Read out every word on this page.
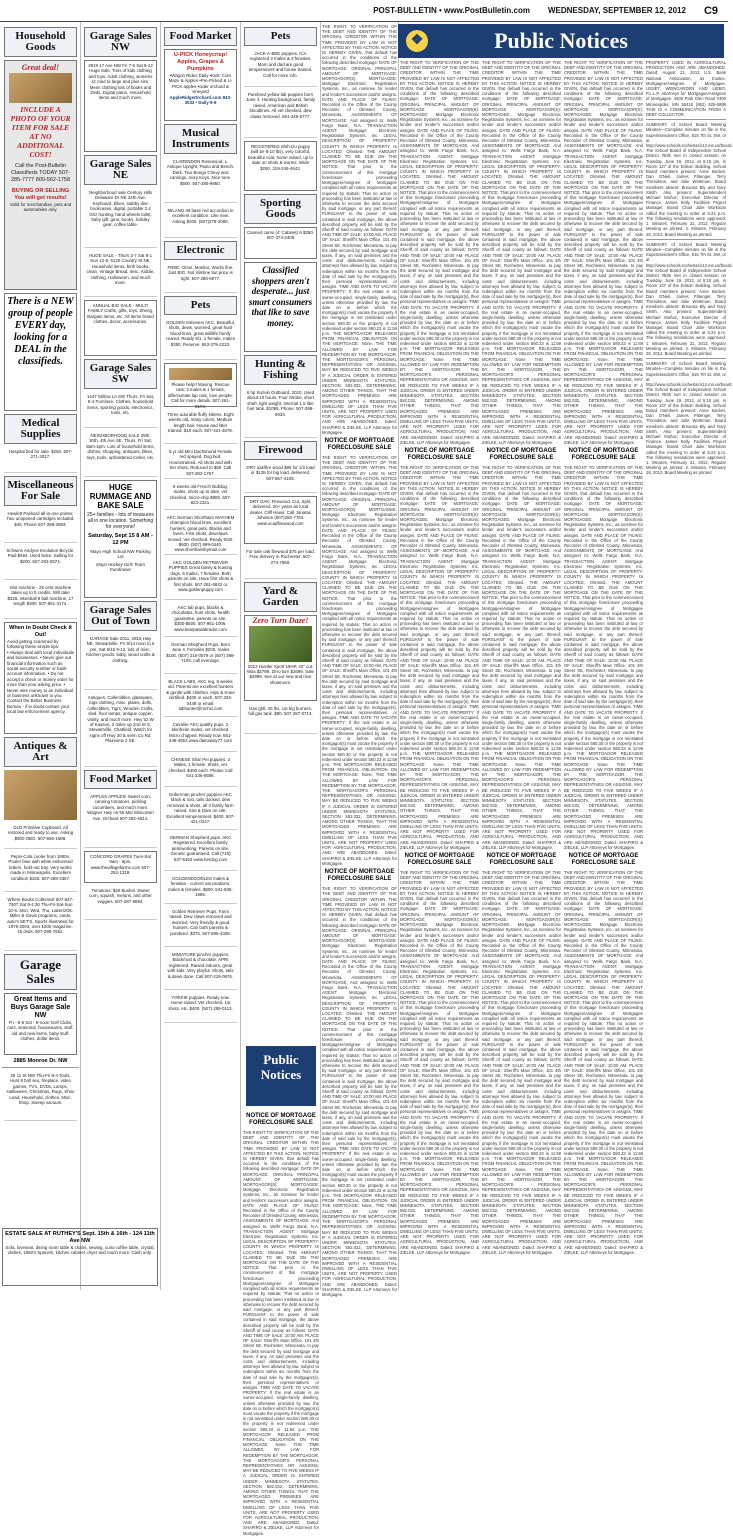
POST-BULLETIN • www.PostBulletin.com WEDNESDAY, SEPTEMBER 12, 2012 C9
Household Goods
Great deal!
INCLUDE A PHOTO OF YOUR ITEM FOR SALE AT NO ADDITIONAL COST!
Call the Post-Bulletin Classifieds TODAY 507-285-7777 800-562-1758
BUYING OR SELLING You will get results!
Valid for merchandise, pets and automobiles only.
There is a NEW group of people EVERY day, looking for a DEAL in the classifieds.
Medical Supplies
Hospital bed for sale. $250. 507-271-3017.
Miscellaneous For Sale
Hewlett Packard all-in-one printer. Two unopened cartridges included. $45. Phone 507-288-3693.
Schwinn Airdyne Evolution Bicycle. Paid $684. Used twice. Selling for $200. 507-282-0574.
Slot machine - 25 cent machine takes up to 5 credits. Will take $325. Skeeball 8 ball machine, 17 length $300. 507-951-4174.
When in Doubt Check it Out!
Avoid getting scammed by following these simple tips:
• Always deal with local individuals and businesses. • Never give out financial information such as social security number or bank account information. • Do not accept a check or money order for more than your asking price. • Never wire money to an individual or business unknown to you. Contact the Better Business Bureau - if in doubt contact your local law enforcement agency.
Antiques & Art
OLD Primitive Cupboard. All restored and ready to use. Asking $600 OBO. 507-696-1688.
Pepsi-Cola cooler from 1950s. Pooler blue with white embossed letters, hold-out tray. Very works made in Minneapolis. Excellent condition $325. 507-288-3367.
Where Books Collected! 507-947-7907 Sat 9-4:30 Thu-Fri-Sat-Sun 10-6. Mon, Wed, Thu, Lakers/Ok. Miller & Gavin programs, cards, auto's SET'S, Sports illustrated for 1975-2003, over 1200 magazine. 15 dvds. 507-288-7652.
Garage Sales
Great Items and Buys Garage Sale NW
Fri - 8-5 Sat - 8-noon Golf Clubs, cars, seasonal, housewares, stuff, old and new items, baby stuff, clothes, dollar items.
2885 Monroe Dr. NW
28 11 St NW Thu-Fri 8-4 Tools, Hunt 8 boll sex, fireplace, video games, TV's, DVDs, Lamps, Halloween, Christmas, Rugs, Shoe Lead, Household, clothes, Misc. Shop. Sweep vacuum.
Garage Sales NW
2919 17 Ave NW Fri 7-5 Sat 8-12 Huge Sale. Tons of kids clothing and toys. Adult clothing, womens sz med to large and plus size. Mens clothing lots of books and Dvds. Digital piano. Household items and much more.
Garage Sales NE
Neighborhood sale Century Hills Delaware Dr NE 24th Ave. Keyboard, bikes, stabby disc bookcases, digital, portable 2.4 Ghz hunting, hand wheels toilet, baby gift. gear, books, holiday gear, coffee table.
HUGE SALE - Thurs 3-7 Sat 8-1 Sun 12-6. 5120 Country St NE. Household items, birth books, clean. Vintage Bread, misc. Kiddie, clothing, Halloween, and much more.
ANNUAL BIG SALE - MULTI FAMILY Crafts, gifts, toys, Zheng, Bargain items, etc. All items brand clothes, decor, accessories.
Garage Sales SW
1447 Willow Ln SW Thurs, Fri Sat, 8-4 Furniture, Clothes, household items, sporting goods, electronics, tools, etc.
NEIGHBORHOOD SALE 29th, 30th, 4th Ave SE. Thurs. Fri Sat, 8am-4pm. Lots of household items, dishes, shopping, antiques, bikes, toys, tools, upholstered rocker, etc.
HUGE RUMMAGE AND BAKE SALE
25+ families - lots of treasures all in one location. Something for everyone!
Saturday, Sept 15 8 AM - 12 PM
Mayo High School NW Parking Lot
Mayo Hockey Girls Team Fundraiser
Garage Sales Out of Town
GARAGE Sale 2011, 2815 Hwy NE, Stewartville. Fri 9/14 noon to 6 pm, Sat 9/15 9-12. lots of misc. Kitchen goods, baby, wood crafts & clothing.
Antiques, Collectibles, glassware, rugs clothing, misc. plates, dolls, collectibles, Tigrs, Wooden Crafts, sled, floor lamps, antique copper, vanity, and much more. Hwy 52 W of Kasson, 2 miles up 2nd St S, Stewartville, Chatfield, Watch for signs off Hwy 30 & seen Co Rd. Plainview 2 SE.
Food Market
APPLES APPLES! Sweet corn, canning tomatoes, pickling cucumbers, and much more. Wagner Hwy on 55 Mid Wisconsin Ave. Orchard 507-282-4544.
CONCORD GRAPES Tues-Sat 9am - 6pm. www.thevillagefarms.com 507-252-1319.
Tomatoes: $20 Bushel. Sweet corn, squash, melons, and other veggies. 507-287-8893.
ESTATE SALE AT RUTHEY'S Sept. 15th & 16th - 124 11th Ave NW
Sofa, loveseat, dining room table & chairs, sewing, curio coffee table, crystal, dishes, 1950's Spanish, kitchen cabinet, dryer and much more. Cash only.
Food Market
U-PICK Honeycrisp! Apples, Grapes & Pumpkins
•Wagon Rides Daily •Kids' Corn Maze & Apples •Pre-Picked & U-PICK apples •cider orchard & vineyard
AppleRidgeOrchard.com 843-3033 • Daily 9-6
Musical Instruments
CLARENDON Rosewood, L. Antique Upright, Piano and Bench. Dark. Two Bongo Chevy and carvings. Ivory Keys. Nice tone. $500. 507-285-9950.
MILAND 48 base red accordion in excellent condition. Like new. Asking $200. (507)278-2080.
Electronic
FREE: Orion, Monitor, Works fine. Just BIG. Not slimline but price is right. 507-288-9077.
Pets
GOLDEN retrievers AKC. Beautiful, shots, dews, wormed, great hunt blood lines, great wildlife family reared. Ready 9/1. 1 female, males $350. Reserve. 563-379-2233.
Please help!! Moving. Rescue cats: 3 males & 1 female, affectionate lap cats, love people. Call for more details. 507-261-6174.
Three adorable fluffy kittens. Eight weeks old, many colors. Medium length hair. House and litter trained. $10 each. 507-421-4878.
5 yr old Mini Dachshund Female red spayed. Dog bed. Housetrained. All shots and with her shots, Reduced to $50. Call 507-282-1767.
9 weeks old French Bulldog, males, shots up to date, vet checked, micro-chip $800. 507-823-2321.
AKC German Shorthairs MAYHEM champion blood lines, excellent hunters, great pets. Blacks and livers. First shots, dewclaws moved. Vet checked. Ready 9/30. $600. (507) 699-0440. www.shorthairsbymail.com
AKC GOLDEN RETRIEVER PUPPIES Great family & hunting dogs. 5 males, 7 females. Both parents on site. Have first shots & first shots. 507-251-6842 or www.goldenpuppy.com
AKC lab pups, blacks & chocolates, hunt shots, health guarantee, parents on site, $300-$500. 507-951-1006. www.bearpawlabrador.com
German Shepherd Pups. Born June 4. Females $200, males $100. (507) 216-0579 or (507) 399-7193. call evenings.
BLACK LABS, AKC reg, 9 weeks old. Parents are excellent hunters & gentle with children. Hips & Knee certified. $400 or each. 507-332-0449 or email: labhunter@mchsi.com
Cavalier AKC quality pups. 2 blenheim males, vet checked. Micro chipped. Ready now. 651-448-4553 www.dainsway77.com
CHINESE Shar Pei puppies. 2 Males, 1 female. Shots, vet checked. $400 each. Please Call 641-236-6586.
Doberman pincher puppies AKC black & rust, tails docked, dew removed & shots, all 3 family farm raised. Sire & Dam on site. Excellent temperament. $400. 507-421-0247.
GERMAN Shepherd pups. AKC Registered. Excellent family pets/working. Parents on site. Genetic guaranteed. Call (715) 537-5453 www.herdog.com
GOLDENDOODLES males & females - current vaccinations, males & females. $500. 641-836-1986.
Golden Retriever Pups. Farm raised. Dew claws removed and wormed. Very friendly & good hunters. Can both parents & purebred. $375. 507-696-4308.
MINIATURE pincher puppies. Black/rust & chocolate. APRI registered. Raised indoors, great with kids. Very playful. Shots, tails & dews done. Call 507-219-0976.
YORKIE puppies. Ready now. Home-raised. Vet checked, 1st shots, etc. $400. (507) 289-0113.
Pets
JACK-A-BEE puppies. ICA registered 3 males & 3 females. Mom and dad are good temperament and house trained. Call for more info.
Purebred yellow lab puppies born June 4. Hunting background, family raised. American and British bloodlines. All vet checked. dew claws removed. 651-345-5777.
REGISTERED Shih-tzu puppy (will be 8-10 lbs), very colorful, beautiful coat, home raised, up to date on shots & worms. Wide $250. 319-249-4643.
Sporting Goods
Canned camo (4' Cabinet) 6 $250. 507-374-2406
Classified shoppers aren't desperate... just smart consumers that like to save money.
Hunting & Fishing
6 hp Suzuki Outboard. 2010. Used about 10 hours. Four Stroke, short shaft, light weight. Internal 1.5 liter fuel tank. $1095. Phone: 507-398-9034.
Firewood
DRY oak/fire wood $85 for 1/2 load or $135 for big load, delivered. 507-867-4109.
DRY OAK: Firewood. Cut, Split, delivered. 20+ years as local dealer. Cliff Hasel. Call Jonatas Johnson (507)282-7763. www.ocadfirewood.com
For sale oak firewood $75 per load. Free delivery in Rochester. 507-273-7960.
Yard & Garden
Zero Turn Daze!
2012 Hustler Sport 19HP, 42" cut. Was $2799. Zero turn $2699. Sale $2999. See at our new and nice showroom.
Gas grill, 40 lbs, cut big burners, full gas tank. $80. 507-287-0713.
Public Notices
NOTICE OF MORTGAGE FORECLOSURE SALE
THE RIGHT TO VERIFICATION OF THE DEBT AND IDENTITY OF THE ORIGINAL CREDITOR WITHIN THE TIME PROVIDED BY LAW IS NOT AFFECTED BY THIS ACTION. NOTICE IS HEREBY GIVEN, that default has occurred in the conditions of the following described mortgage: DATE OF MORTGAGE: ORIGINAL PRINCIPAL AMOUNT OF MORTGAGE: MORTGAGOR(S): MORTGAGEE: Mortgage Electronic Registration Systems, Inc., as nominee for lender and lender's successors and/or assigns. DATE AND PLACE OF FILING: Recorded in the Office of the County Recorder of Olmsted County, Minnesota. ASSIGNMENTS OF MORTGAGE: And assigned to: Wells Fargo Bank, N.A. TRANSACTION AGENT: Mortgage Electronic Registration Systems, Inc. LEGAL DESCRIPTION OF PROPERTY: COUNTY IN WHICH PROPERTY IS LOCATED: Olmsted. THE AMOUNT CLAIMED TO BE DUE ON THE MORTGAGE ON THE DATE OF THE NOTICE. That prior to the commencement of this mortgage foreclosure proceeding Mortgagee/Assignee of Mortgagee complied with all notice requirements as required by statute; That no action or proceeding has been instituted at law or otherwise to recover the debt secured by said mortgage, or any part thereof; PURSUANT to the power of sale contained in said mortgage, the above described property will be sold by the Sheriff of said county as follows: DATE AND TIME OF SALE: 10:00 AM. PLACE OF SALE: Sheriff's Main Office, 101 4th Street SE, Rochester, Minnesota. to pay the debt secured by said mortgage and taxes, if any, on said premises and the costs and disbursements, including attorneys fees allowed by law, subject to redemption within six months from the date of said sale by the mortgagor(s), their personal representatives or assigns. TIME AND DATE TO VACATE PROPERTY: If the real estate is an owner-occupied, single-family dwelling, unless otherwise provided by law, the date on or before which the mortgagor(s) must vacate the property if the mortgage is not reinstated under section 580.30 or the property is not redeemed under section 580.23 is 11:59 p.m. THE MORTGAGOR RELEASED FROM FINANCIAL OBLIGATION ON THE MORTGAGE: None. THE TIME ALLOWED BY LAW FOR REDEMPTION BY THE MORTGAGOR, THE MORTGAGOR'S PERSONAL REPRESENTATIVES OR ASSIGNS, MAY BE REDUCED TO FIVE WEEKS IF A JUDICIAL ORDER IS ENTERED UNDER MINNESOTA STATUTES, SECTION 582.032, DETERMINING, AMONG OTHER THINGS, THAT THE MORTGAGED PREMISES ARE IMPROVED WITH A RESIDENTIAL DWELLING OF LESS THAN FIVE UNITS, ARE NOT PROPERTY USED FOR AGRICULTURAL PRODUCTION, AND ARE ABANDONED. Dated: SHAPIRO & ZIELKE, LLP Attorneys for Mortgagee.
❖	Public Notices
THE RIGHT TO VERIFICATION OF THE DEBT AND IDENTITY OF THE ORIGINAL CREDITOR WITHIN THE TIME PROVIDED BY LAW IS NOT AFFECTED BY THIS ACTION. NOTICE IS HEREBY GIVEN, that default has occurred in the conditions of the following described mortgage: DATE OF MORTGAGE: ORIGINAL PRINCIPAL AMOUNT OF MORTGAGE: MORTGAGOR(S): MORTGAGEE: Mortgage Electronic Registration Systems, Inc., as nominee for lender and lender's successors and/or assigns. DATE AND PLACE OF FILING: Recorded in the Office of the County Recorder of Olmsted County, Minnesota. ASSIGNMENTS OF MORTGAGE: And assigned to: Wells Fargo Bank, N.A. TRANSACTION AGENT: Mortgage Electronic Registration Systems, Inc. LEGAL DESCRIPTION OF PROPERTY: COUNTY IN WHICH PROPERTY IS LOCATED: Olmsted. THE AMOUNT CLAIMED TO BE DUE ON THE MORTGAGE ON THE DATE OF THE NOTICE. That prior to the commencement of this mortgage foreclosure proceeding Mortgagee/Assignee of Mortgagee complied with all notice requirements as required by statute; That no action or proceeding has been instituted at law or otherwise to recover the debt secured by said mortgage, or any part thereof; PURSUANT to the power of sale contained in said mortgage, the above described property will be sold by the Sheriff of said county as follows: DATE AND TIME OF SALE: 10:00 AM. PLACE OF SALE: Sheriff's Main Office, 101 4th Street SE, Rochester, Minnesota. to pay the debt secured by said mortgage and taxes, if any, on said premises and the costs and disbursements, including attorneys fees allowed by law, subject to redemption within six months from the date of said sale by the mortgagor(s), their personal representatives or assigns. TIME AND DATE TO VACATE PROPERTY: If the real estate is an owner-occupied, single-family dwelling, unless otherwise provided by law, the date on or before which the mortgagor(s) must vacate the property if the mortgage is not reinstated under section 580.30 or the property is not redeemed under section 580.23 is 11:59 p.m. THE MORTGAGOR RELEASED FROM FINANCIAL OBLIGATION ON THE MORTGAGE: None. THE TIME ALLOWED BY LAW FOR REDEMPTION BY THE MORTGAGOR, THE MORTGAGOR'S PERSONAL REPRESENTATIVES OR ASSIGNS, MAY BE REDUCED TO FIVE WEEKS IF A JUDICIAL ORDER IS ENTERED UNDER MINNESOTA STATUTES, SECTION 582.032, DETERMINING, AMONG OTHER THINGS, THAT THE MORTGAGED PREMISES ARE IMPROVED WITH A RESIDENTIAL DWELLING OF LESS THAN FIVE UNITS, ARE NOT PROPERTY USED FOR AGRICULTURAL PRODUCTION, AND ARE ABANDONED. Dated: SHAPIRO & ZIELKE, LLP Attorneys for Mortgagee.
NOTICE OF MORTGAGE FORECLOSURE SALE
THE RIGHT TO VERIFICATION OF THE DEBT AND IDENTITY OF THE ORIGINAL CREDITOR WITHIN THE TIME PROVIDED BY LAW IS NOT AFFECTED BY THIS ACTION. NOTICE IS HEREBY GIVEN, that default has occurred in the conditions of the following described mortgage: DATE OF MORTGAGE: ORIGINAL PRINCIPAL AMOUNT OF MORTGAGE: MORTGAGOR(S): MORTGAGEE: Mortgage Electronic Registration Systems, Inc., as nominee for lender and lender's successors and/or assigns. DATE AND PLACE OF FILING: Recorded in the Office of the County Recorder of Olmsted County, Minnesota. ASSIGNMENTS OF MORTGAGE: And assigned to: Wells Fargo Bank, N.A. TRANSACTION AGENT: Mortgage Electronic Registration Systems, Inc. LEGAL DESCRIPTION OF PROPERTY: COUNTY IN WHICH PROPERTY IS LOCATED: Olmsted. THE AMOUNT CLAIMED TO BE DUE ON THE MORTGAGE ON THE DATE OF THE NOTICE. That prior to the commencement of this mortgage foreclosure proceeding Mortgagee/Assignee of Mortgagee complied with all notice requirements as required by statute; That no action or proceeding has been instituted at law or otherwise to recover the debt secured by said mortgage, or any part thereof; PURSUANT to the power of sale contained in said mortgage, the above described property will be sold by the Sheriff of said county as follows: DATE AND TIME OF SALE: 10:00 AM. PLACE OF SALE: Sheriff's Main Office, 101 4th Street SE, Rochester, Minnesota. to pay the debt secured by said mortgage and taxes, if any, on said premises and the costs and disbursements, including attorneys fees allowed by law, subject to redemption within six months from the date of said sale by the mortgagor(s), their personal representatives or assigns. TIME AND DATE TO VACATE PROPERTY: If the real estate is an owner-occupied, single-family dwelling, unless otherwise provided by law, the date on or before which the mortgagor(s) must vacate the property if the mortgage is not reinstated under section 580.30 or the property is not redeemed under section 580.23 is 11:59 p.m. THE MORTGAGOR RELEASED FROM FINANCIAL OBLIGATION ON THE MORTGAGE: None. THE TIME ALLOWED BY LAW FOR REDEMPTION BY THE MORTGAGOR, THE MORTGAGOR'S PERSONAL REPRESENTATIVES OR ASSIGNS, MAY BE REDUCED TO FIVE WEEKS IF A JUDICIAL ORDER IS ENTERED UNDER MINNESOTA STATUTES, SECTION 582.032, DETERMINING, AMONG OTHER THINGS, THAT THE MORTGAGED PREMISES ARE IMPROVED WITH A RESIDENTIAL DWELLING OF LESS THAN FIVE UNITS, ARE NOT PROPERTY USED FOR AGRICULTURAL PRODUCTION, AND ARE ABANDONED. Dated: SHAPIRO & ZIELKE, LLP Attorneys for Mortgagee.
NOTICE OF MORTGAGE FORECLOSURE SALE
THE RIGHT TO VERIFICATION OF THE DEBT AND IDENTITY OF THE ORIGINAL CREDITOR WITHIN THE TIME PROVIDED BY LAW IS NOT AFFECTED BY THIS ACTION. NOTICE IS HEREBY GIVEN, that default has occurred in the conditions of the following described mortgage: DATE OF MORTGAGE: ORIGINAL PRINCIPAL AMOUNT OF MORTGAGE: MORTGAGOR(S): MORTGAGEE: Mortgage Electronic Registration Systems, Inc., as nominee for lender and lender's successors and/or assigns. DATE AND PLACE OF FILING: Recorded in the Office of the County Recorder of Olmsted County, Minnesota. ASSIGNMENTS OF MORTGAGE: And assigned to: Wells Fargo Bank, N.A. TRANSACTION AGENT: Mortgage Electronic Registration Systems, Inc. LEGAL DESCRIPTION OF PROPERTY: COUNTY IN WHICH PROPERTY IS LOCATED: Olmsted. THE AMOUNT CLAIMED TO BE DUE ON THE MORTGAGE ON THE DATE OF THE NOTICE. That prior to the commencement of this mortgage foreclosure proceeding Mortgagee/Assignee of Mortgagee complied with all notice requirements as required by statute; That no action or proceeding has been instituted at law or otherwise to recover the debt secured by said mortgage, or any part thereof; PURSUANT to the power of sale contained in said mortgage, the above described property will be sold by the Sheriff of said county as follows: DATE AND TIME OF SALE: 10:00 AM. PLACE OF SALE: Sheriff's Main Office, 101 4th Street SE, Rochester, Minnesota. to pay the debt secured by said mortgage and taxes, if any, on said premises and the costs and disbursements, including attorneys fees allowed by law, subject to redemption within six months from the date of said sale by the mortgagor(s), their personal representatives or assigns. TIME AND DATE TO VACATE PROPERTY: If the real estate is an owner-occupied, single-family dwelling, unless otherwise provided by law, the date on or before which the mortgagor(s) must vacate the property if the mortgage is not reinstated under section 580.30 or the property is not redeemed under section 580.23 is 11:59 p.m. THE MORTGAGOR RELEASED FROM FINANCIAL OBLIGATION ON THE MORTGAGE: None. THE TIME ALLOWED BY LAW FOR REDEMPTION BY THE MORTGAGOR, THE MORTGAGOR'S PERSONAL REPRESENTATIVES OR ASSIGNS, MAY BE REDUCED TO FIVE WEEKS IF A JUDICIAL ORDER IS ENTERED UNDER MINNESOTA STATUTES, SECTION 582.032, DETERMINING, AMONG OTHER THINGS, THAT THE MORTGAGED PREMISES ARE IMPROVED WITH A RESIDENTIAL DWELLING OF LESS THAN FIVE UNITS, ARE NOT PROPERTY USED FOR AGRICULTURAL PRODUCTION, AND ARE ABANDONED. Dated: SHAPIRO & ZIELKE, LLP Attorneys for Mortgagee.
THE RIGHT TO VERIFICATION OF THE DEBT AND IDENTITY OF THE ORIGINAL CREDITOR WITHIN THE TIME PROVIDED BY LAW IS NOT AFFECTED BY THIS ACTION. NOTICE IS HEREBY GIVEN, that default has occurred in the conditions of the following described mortgage: DATE OF MORTGAGE: ORIGINAL PRINCIPAL AMOUNT OF MORTGAGE: MORTGAGOR(S): MORTGAGEE: Mortgage Electronic Registration Systems, Inc., as nominee for lender and lender's successors and/or assigns. DATE AND PLACE OF FILING: Recorded in the Office of the County Recorder of Olmsted County, Minnesota. ASSIGNMENTS OF MORTGAGE: And assigned to: Wells Fargo Bank, N.A. TRANSACTION AGENT: Mortgage Electronic Registration Systems, Inc. LEGAL DESCRIPTION OF PROPERTY: COUNTY IN WHICH PROPERTY IS LOCATED: Olmsted. THE AMOUNT CLAIMED TO BE DUE ON THE MORTGAGE ON THE DATE OF THE NOTICE. That prior to the commencement of this mortgage foreclosure proceeding Mortgagee/Assignee of Mortgagee complied with all notice requirements as required by statute; That no action or proceeding has been instituted at law or otherwise to recover the debt secured by said mortgage, or any part thereof; PURSUANT to the power of sale contained in said mortgage, the above described property will be sold by the Sheriff of said county as follows: DATE AND TIME OF SALE: 10:00 AM. PLACE OF SALE: Sheriff's Main Office, 101 4th Street SE, Rochester, Minnesota. to pay the debt secured by said mortgage and taxes, if any, on said premises and the costs and disbursements, including attorneys fees allowed by law, subject to redemption within six months from the date of said sale by the mortgagor(s), their personal representatives or assigns. TIME AND DATE TO VACATE PROPERTY: If the real estate is an owner-occupied, single-family dwelling, unless otherwise provided by law, the date on or before which the mortgagor(s) must vacate the property if the mortgage is not reinstated under section 580.30 or the property is not redeemed under section 580.23 is 11:59 p.m. THE MORTGAGOR RELEASED FROM FINANCIAL OBLIGATION ON THE MORTGAGE: None. THE TIME ALLOWED BY LAW FOR REDEMPTION BY THE MORTGAGOR, THE MORTGAGOR'S PERSONAL REPRESENTATIVES OR ASSIGNS, MAY BE REDUCED TO FIVE WEEKS IF A JUDICIAL ORDER IS ENTERED UNDER MINNESOTA STATUTES, SECTION 582.032, DETERMINING, AMONG OTHER THINGS, THAT THE MORTGAGED PREMISES ARE IMPROVED WITH A RESIDENTIAL DWELLING OF LESS THAN FIVE UNITS, ARE NOT PROPERTY USED FOR AGRICULTURAL PRODUCTION, AND ARE ABANDONED. Dated: SHAPIRO & ZIELKE, LLP Attorneys for Mortgagee.
NOTICE OF MORTGAGE FORECLOSURE SALE
THE RIGHT TO VERIFICATION OF THE DEBT AND IDENTITY OF THE ORIGINAL CREDITOR WITHIN THE TIME PROVIDED BY LAW IS NOT AFFECTED BY THIS ACTION. NOTICE IS HEREBY GIVEN, that default has occurred in the conditions of the following described mortgage: DATE OF MORTGAGE: ORIGINAL PRINCIPAL AMOUNT OF MORTGAGE: MORTGAGOR(S): MORTGAGEE: Mortgage Electronic Registration Systems, Inc., as nominee for lender and lender's successors and/or assigns. DATE AND PLACE OF FILING: Recorded in the Office of the County Recorder of Olmsted County, Minnesota. ASSIGNMENTS OF MORTGAGE: And assigned to: Wells Fargo Bank, N.A. TRANSACTION AGENT: Mortgage Electronic Registration Systems, Inc. LEGAL DESCRIPTION OF PROPERTY: COUNTY IN WHICH PROPERTY IS LOCATED: Olmsted. THE AMOUNT CLAIMED TO BE DUE ON THE MORTGAGE ON THE DATE OF THE NOTICE. That prior to the commencement of this mortgage foreclosure proceeding Mortgagee/Assignee of Mortgagee complied with all notice requirements as required by statute; That no action or proceeding has been instituted at law or otherwise to recover the debt secured by said mortgage, or any part thereof; PURSUANT to the power of sale contained in said mortgage, the above described property will be sold by the Sheriff of said county as follows: DATE AND TIME OF SALE: 10:00 AM. PLACE OF SALE: Sheriff's Main Office, 101 4th Street SE, Rochester, Minnesota. to pay the debt secured by said mortgage and taxes, if any, on said premises and the costs and disbursements, including attorneys fees allowed by law, subject to redemption within six months from the date of said sale by the mortgagor(s), their personal representatives or assigns. TIME AND DATE TO VACATE PROPERTY: If the real estate is an owner-occupied, single-family dwelling, unless otherwise provided by law, the date on or before which the mortgagor(s) must vacate the property if the mortgage is not reinstated under section 580.30 or the property is not redeemed under section 580.23 is 11:59 p.m. THE MORTGAGOR RELEASED FROM FINANCIAL OBLIGATION ON THE MORTGAGE: None. THE TIME ALLOWED BY LAW FOR REDEMPTION BY THE MORTGAGOR, THE MORTGAGOR'S PERSONAL REPRESENTATIVES OR ASSIGNS, MAY BE REDUCED TO FIVE WEEKS IF A JUDICIAL ORDER IS ENTERED UNDER MINNESOTA STATUTES, SECTION 582.032, DETERMINING, AMONG OTHER THINGS, THAT THE MORTGAGED PREMISES ARE IMPROVED WITH A RESIDENTIAL DWELLING OF LESS THAN FIVE UNITS, ARE NOT PROPERTY USED FOR AGRICULTURAL PRODUCTION, AND ARE ABANDONED. Dated: SHAPIRO & ZIELKE, LLP Attorneys for Mortgagee.
NOTICE OF MORTGAGE FORECLOSURE SALE
THE RIGHT TO VERIFICATION OF THE DEBT AND IDENTITY OF THE ORIGINAL CREDITOR WITHIN THE TIME PROVIDED BY LAW IS NOT AFFECTED BY THIS ACTION. NOTICE IS HEREBY GIVEN, that default has occurred in the conditions of the following described mortgage: DATE OF MORTGAGE: ORIGINAL PRINCIPAL AMOUNT OF MORTGAGE: MORTGAGOR(S): MORTGAGEE: Mortgage Electronic Registration Systems, Inc., as nominee for lender and lender's successors and/or assigns. DATE AND PLACE OF FILING: Recorded in the Office of the County Recorder of Olmsted County, Minnesota. ASSIGNMENTS OF MORTGAGE: And assigned to: Wells Fargo Bank, N.A. TRANSACTION AGENT: Mortgage Electronic Registration Systems, Inc. LEGAL DESCRIPTION OF PROPERTY: COUNTY IN WHICH PROPERTY IS LOCATED: Olmsted. THE AMOUNT CLAIMED TO BE DUE ON THE MORTGAGE ON THE DATE OF THE NOTICE. That prior to the commencement of this mortgage foreclosure proceeding Mortgagee/Assignee of Mortgagee complied with all notice requirements as required by statute; That no action or proceeding has been instituted at law or otherwise to recover the debt secured by said mortgage, or any part thereof; PURSUANT to the power of sale contained in said mortgage, the above described property will be sold by the Sheriff of said county as follows: DATE AND TIME OF SALE: 10:00 AM. PLACE OF SALE: Sheriff's Main Office, 101 4th Street SE, Rochester, Minnesota. to pay the debt secured by said mortgage and taxes, if any, on said premises and the costs and disbursements, including attorneys fees allowed by law, subject to redemption within six months from the date of said sale by the mortgagor(s), their personal representatives or assigns. TIME AND DATE TO VACATE PROPERTY: If the real estate is an owner-occupied, single-family dwelling, unless otherwise provided by law, the date on or before which the mortgagor(s) must vacate the property if the mortgage is not reinstated under section 580.30 or the property is not redeemed under section 580.23 is 11:59 p.m. THE MORTGAGOR RELEASED FROM FINANCIAL OBLIGATION ON THE MORTGAGE: None. THE TIME ALLOWED BY LAW FOR REDEMPTION BY THE MORTGAGOR, THE MORTGAGOR'S PERSONAL REPRESENTATIVES OR ASSIGNS, MAY BE REDUCED TO FIVE WEEKS IF A JUDICIAL ORDER IS ENTERED UNDER MINNESOTA STATUTES, SECTION 582.032, DETERMINING, AMONG OTHER THINGS, THAT THE MORTGAGED PREMISES ARE IMPROVED WITH A RESIDENTIAL DWELLING OF LESS THAN FIVE UNITS, ARE NOT PROPERTY USED FOR AGRICULTURAL PRODUCTION, AND ARE ABANDONED. Dated: SHAPIRO & ZIELKE, LLP Attorneys for Mortgagee.
THE RIGHT TO VERIFICATION OF THE DEBT AND IDENTITY OF THE ORIGINAL CREDITOR WITHIN THE TIME PROVIDED BY LAW IS NOT AFFECTED BY THIS ACTION. NOTICE IS HEREBY GIVEN, that default has occurred in the conditions of the following described mortgage: DATE OF MORTGAGE: ORIGINAL PRINCIPAL AMOUNT OF MORTGAGE: MORTGAGOR(S): MORTGAGEE: Mortgage Electronic Registration Systems, Inc., as nominee for lender and lender's successors and/or assigns. DATE AND PLACE OF FILING: Recorded in the Office of the County Recorder of Olmsted County, Minnesota. ASSIGNMENTS OF MORTGAGE: And assigned to: Wells Fargo Bank, N.A. TRANSACTION AGENT: Mortgage Electronic Registration Systems, Inc. LEGAL DESCRIPTION OF PROPERTY: COUNTY IN WHICH PROPERTY IS LOCATED: Olmsted. THE AMOUNT CLAIMED TO BE DUE ON THE MORTGAGE ON THE DATE OF THE NOTICE. That prior to the commencement of this mortgage foreclosure proceeding Mortgagee/Assignee of Mortgagee complied with all notice requirements as required by statute; That no action or proceeding has been instituted at law or otherwise to recover the debt secured by said mortgage, or any part thereof; PURSUANT to the power of sale contained in said mortgage, the above described property will be sold by the Sheriff of said county as follows: DATE AND TIME OF SALE: 10:00 AM. PLACE OF SALE: Sheriff's Main Office, 101 4th Street SE, Rochester, Minnesota. to pay the debt secured by said mortgage and taxes, if any, on said premises and the costs and disbursements, including attorneys fees allowed by law, subject to redemption within six months from the date of said sale by the mortgagor(s), their personal representatives or assigns. TIME AND DATE TO VACATE PROPERTY: If the real estate is an owner-occupied, single-family dwelling, unless otherwise provided by law, the date on or before which the mortgagor(s) must vacate the property if the mortgage is not reinstated under section 580.30 or the property is not redeemed under section 580.23 is 11:59 p.m. THE MORTGAGOR RELEASED FROM FINANCIAL OBLIGATION ON THE MORTGAGE: None. THE TIME ALLOWED BY LAW FOR REDEMPTION BY THE MORTGAGOR, THE MORTGAGOR'S PERSONAL REPRESENTATIVES OR ASSIGNS, MAY BE REDUCED TO FIVE WEEKS IF A JUDICIAL ORDER IS ENTERED UNDER MINNESOTA STATUTES, SECTION 582.032, DETERMINING, AMONG OTHER THINGS, THAT THE MORTGAGED PREMISES ARE IMPROVED WITH A RESIDENTIAL DWELLING OF LESS THAN FIVE UNITS, ARE NOT PROPERTY USED FOR AGRICULTURAL PRODUCTION, AND ARE ABANDONED. Dated: SHAPIRO & ZIELKE, LLP Attorneys for Mortgagee.
NOTICE OF MORTGAGE FORECLOSURE SALE
THE RIGHT TO VERIFICATION OF THE DEBT AND IDENTITY OF THE ORIGINAL CREDITOR WITHIN THE TIME PROVIDED BY LAW IS NOT AFFECTED BY THIS ACTION. NOTICE IS HEREBY GIVEN, that default has occurred in the conditions of the following described mortgage: DATE OF MORTGAGE: ORIGINAL PRINCIPAL AMOUNT OF MORTGAGE: MORTGAGOR(S): MORTGAGEE: Mortgage Electronic Registration Systems, Inc., as nominee for lender and lender's successors and/or assigns. DATE AND PLACE OF FILING: Recorded in the Office of the County Recorder of Olmsted County, Minnesota. ASSIGNMENTS OF MORTGAGE: And assigned to: Wells Fargo Bank, N.A. TRANSACTION AGENT: Mortgage Electronic Registration Systems, Inc. LEGAL DESCRIPTION OF PROPERTY: COUNTY IN WHICH PROPERTY IS LOCATED: Olmsted. THE AMOUNT CLAIMED TO BE DUE ON THE MORTGAGE ON THE DATE OF THE NOTICE. That prior to the commencement of this mortgage foreclosure proceeding Mortgagee/Assignee of Mortgagee complied with all notice requirements as required by statute; That no action or proceeding has been instituted at law or otherwise to recover the debt secured by said mortgage, or any part thereof; PURSUANT to the power of sale contained in said mortgage, the above described property will be sold by the Sheriff of said county as follows: DATE AND TIME OF SALE: 10:00 AM. PLACE OF SALE: Sheriff's Main Office, 101 4th Street SE, Rochester, Minnesota. to pay the debt secured by said mortgage and taxes, if any, on said premises and the costs and disbursements, including attorneys fees allowed by law, subject to redemption within six months from the date of said sale by the mortgagor(s), their personal representatives or assigns. TIME AND DATE TO VACATE PROPERTY: If the real estate is an owner-occupied, single-family dwelling, unless otherwise provided by law, the date on or before which the mortgagor(s) must vacate the property if the mortgage is not reinstated under section 580.30 or the property is not redeemed under section 580.23 is 11:59 p.m. THE MORTGAGOR RELEASED FROM FINANCIAL OBLIGATION ON THE MORTGAGE: None. THE TIME ALLOWED BY LAW FOR REDEMPTION BY THE MORTGAGOR, THE MORTGAGOR'S PERSONAL REPRESENTATIVES OR ASSIGNS, MAY BE REDUCED TO FIVE WEEKS IF A JUDICIAL ORDER IS ENTERED UNDER MINNESOTA STATUTES, SECTION 582.032, DETERMINING, AMONG OTHER THINGS, THAT THE MORTGAGED PREMISES ARE IMPROVED WITH A RESIDENTIAL DWELLING OF LESS THAN FIVE UNITS, ARE NOT PROPERTY USED FOR AGRICULTURAL PRODUCTION, AND ARE ABANDONED. Dated: SHAPIRO & ZIELKE, LLP Attorneys for Mortgagee.
NOTICE OF MORTGAGE FORECLOSURE SALE
THE RIGHT TO VERIFICATION OF THE DEBT AND IDENTITY OF THE ORIGINAL CREDITOR WITHIN THE TIME PROVIDED BY LAW IS NOT AFFECTED BY THIS ACTION. NOTICE IS HEREBY GIVEN, that default has occurred in the conditions of the following described mortgage: DATE OF MORTGAGE: ORIGINAL PRINCIPAL AMOUNT OF MORTGAGE: MORTGAGOR(S): MORTGAGEE: Mortgage Electronic Registration Systems, Inc., as nominee for lender and lender's successors and/or assigns. DATE AND PLACE OF FILING: Recorded in the Office of the County Recorder of Olmsted County, Minnesota. ASSIGNMENTS OF MORTGAGE: And assigned to: Wells Fargo Bank, N.A. TRANSACTION AGENT: Mortgage Electronic Registration Systems, Inc. LEGAL DESCRIPTION OF PROPERTY: COUNTY IN WHICH PROPERTY IS LOCATED: Olmsted. THE AMOUNT CLAIMED TO BE DUE ON THE MORTGAGE ON THE DATE OF THE NOTICE. That prior to the commencement of this mortgage foreclosure proceeding Mortgagee/Assignee of Mortgagee complied with all notice requirements as required by statute; That no action or proceeding has been instituted at law or otherwise to recover the debt secured by said mortgage, or any part thereof; PURSUANT to the power of sale contained in said mortgage, the above described property will be sold by the Sheriff of said county as follows: DATE AND TIME OF SALE: 10:00 AM. PLACE OF SALE: Sheriff's Main Office, 101 4th Street SE, Rochester, Minnesota. to pay the debt secured by said mortgage and taxes, if any, on said premises and the costs and disbursements, including attorneys fees allowed by law, subject to redemption within six months from the date of said sale by the mortgagor(s), their personal representatives or assigns. TIME AND DATE TO VACATE PROPERTY: If the real estate is an owner-occupied, single-family dwelling, unless otherwise provided by law, the date on or before which the mortgagor(s) must vacate the property if the mortgage is not reinstated under section 580.30 or the property is not redeemed under section 580.23 is 11:59 p.m. THE MORTGAGOR RELEASED FROM FINANCIAL OBLIGATION ON THE MORTGAGE: None. THE TIME ALLOWED BY LAW FOR REDEMPTION BY THE MORTGAGOR, THE MORTGAGOR'S PERSONAL REPRESENTATIVES OR ASSIGNS, MAY BE REDUCED TO FIVE WEEKS IF A JUDICIAL ORDER IS ENTERED UNDER MINNESOTA STATUTES, SECTION 582.032, DETERMINING, AMONG OTHER THINGS, THAT THE MORTGAGED PREMISES ARE IMPROVED WITH A RESIDENTIAL DWELLING OF LESS THAN FIVE UNITS, ARE NOT PROPERTY USED FOR AGRICULTURAL PRODUCTION, AND ARE ABANDONED. Dated: SHAPIRO & ZIELKE, LLP Attorneys for Mortgagee.
THE RIGHT TO VERIFICATION OF THE DEBT AND IDENTITY OF THE ORIGINAL CREDITOR WITHIN THE TIME PROVIDED BY LAW IS NOT AFFECTED BY THIS ACTION. NOTICE IS HEREBY GIVEN, that default has occurred in the conditions of the following described mortgage: DATE OF MORTGAGE: ORIGINAL PRINCIPAL AMOUNT OF MORTGAGE: MORTGAGOR(S): MORTGAGEE: Mortgage Electronic Registration Systems, Inc., as nominee for lender and lender's successors and/or assigns. DATE AND PLACE OF FILING: Recorded in the Office of the County Recorder of Olmsted County, Minnesota. ASSIGNMENTS OF MORTGAGE: And assigned to: Wells Fargo Bank, N.A. TRANSACTION AGENT: Mortgage Electronic Registration Systems, Inc. LEGAL DESCRIPTION OF PROPERTY: COUNTY IN WHICH PROPERTY IS LOCATED: Olmsted. THE AMOUNT CLAIMED TO BE DUE ON THE MORTGAGE ON THE DATE OF THE NOTICE. That prior to the commencement of this mortgage foreclosure proceeding Mortgagee/Assignee of Mortgagee complied with all notice requirements as required by statute; That no action or proceeding has been instituted at law or otherwise to recover the debt secured by said mortgage, or any part thereof; PURSUANT to the power of sale contained in said mortgage, the above described property will be sold by the Sheriff of said county as follows: DATE AND TIME OF SALE: 10:00 AM. PLACE OF SALE: Sheriff's Main Office, 101 4th Street SE, Rochester, Minnesota. to pay the debt secured by said mortgage and taxes, if any, on said premises and the costs and disbursements, including attorneys fees allowed by law, subject to redemption within six months from the date of said sale by the mortgagor(s), their personal representatives or assigns. TIME AND DATE TO VACATE PROPERTY: If the real estate is an owner-occupied, single-family dwelling, unless otherwise provided by law, the date on or before which the mortgagor(s) must vacate the property if the mortgage is not reinstated under section 580.30 or the property is not redeemed under section 580.23 is 11:59 p.m. THE MORTGAGOR RELEASED FROM FINANCIAL OBLIGATION ON THE MORTGAGE: None. THE TIME ALLOWED BY LAW FOR REDEMPTION BY THE MORTGAGOR, THE MORTGAGOR'S PERSONAL REPRESENTATIVES OR ASSIGNS, MAY BE REDUCED TO FIVE WEEKS IF A JUDICIAL ORDER IS ENTERED UNDER MINNESOTA STATUTES, SECTION 582.032, DETERMINING, AMONG OTHER THINGS, THAT THE MORTGAGED PREMISES ARE IMPROVED WITH A RESIDENTIAL DWELLING OF LESS THAN FIVE UNITS, ARE NOT PROPERTY USED FOR AGRICULTURAL PRODUCTION, AND ARE ABANDONED. Dated: SHAPIRO & ZIELKE, LLP Attorneys for Mortgagee.
NOTICE OF MORTGAGE FORECLOSURE SALE
THE RIGHT TO VERIFICATION OF THE DEBT AND IDENTITY OF THE ORIGINAL CREDITOR WITHIN THE TIME PROVIDED BY LAW IS NOT AFFECTED BY THIS ACTION. NOTICE IS HEREBY GIVEN, that default has occurred in the conditions of the following described mortgage: DATE OF MORTGAGE: ORIGINAL PRINCIPAL AMOUNT OF MORTGAGE: MORTGAGOR(S): MORTGAGEE: Mortgage Electronic Registration Systems, Inc., as nominee for lender and lender's successors and/or assigns. DATE AND PLACE OF FILING: Recorded in the Office of the County Recorder of Olmsted County, Minnesota. ASSIGNMENTS OF MORTGAGE: And assigned to: Wells Fargo Bank, N.A. TRANSACTION AGENT: Mortgage Electronic Registration Systems, Inc. LEGAL DESCRIPTION OF PROPERTY: COUNTY IN WHICH PROPERTY IS LOCATED: Olmsted. THE AMOUNT CLAIMED TO BE DUE ON THE MORTGAGE ON THE DATE OF THE NOTICE. That prior to the commencement of this mortgage foreclosure proceeding Mortgagee/Assignee of Mortgagee complied with all notice requirements as required by statute; That no action or proceeding has been instituted at law or otherwise to recover the debt secured by said mortgage, or any part thereof; PURSUANT to the power of sale contained in said mortgage, the above described property will be sold by the Sheriff of said county as follows: DATE AND TIME OF SALE: 10:00 AM. PLACE OF SALE: Sheriff's Main Office, 101 4th Street SE, Rochester, Minnesota. to pay the debt secured by said mortgage and taxes, if any, on said premises and the costs and disbursements, including attorneys fees allowed by law, subject to redemption within six months from the date of said sale by the mortgagor(s), their personal representatives or assigns. TIME AND DATE TO VACATE PROPERTY: If the real estate is an owner-occupied, single-family dwelling, unless otherwise provided by law, the date on or before which the mortgagor(s) must vacate the property if the mortgage is not reinstated under section 580.30 or the property is not redeemed under section 580.23 is 11:59 p.m. THE MORTGAGOR RELEASED FROM FINANCIAL OBLIGATION ON THE MORTGAGE: None. THE TIME ALLOWED BY LAW FOR REDEMPTION BY THE MORTGAGOR, THE MORTGAGOR'S PERSONAL REPRESENTATIVES OR ASSIGNS, MAY BE REDUCED TO FIVE WEEKS IF A JUDICIAL ORDER IS ENTERED UNDER MINNESOTA STATUTES, SECTION 582.032, DETERMINING, AMONG OTHER THINGS, THAT THE MORTGAGED PREMISES ARE IMPROVED WITH A RESIDENTIAL DWELLING OF LESS THAN FIVE UNITS, ARE NOT PROPERTY USED FOR AGRICULTURAL PRODUCTION, AND ARE ABANDONED. Dated: SHAPIRO & ZIELKE, LLP Attorneys for Mortgagee.
NOTICE OF MORTGAGE FORECLOSURE SALE
THE RIGHT TO VERIFICATION OF THE DEBT AND IDENTITY OF THE ORIGINAL CREDITOR WITHIN THE TIME PROVIDED BY LAW IS NOT AFFECTED BY THIS ACTION. NOTICE IS HEREBY GIVEN, that default has occurred in the conditions of the following described mortgage: DATE OF MORTGAGE: ORIGINAL PRINCIPAL AMOUNT OF MORTGAGE: MORTGAGOR(S): MORTGAGEE: Mortgage Electronic Registration Systems, Inc., as nominee for lender and lender's successors and/or assigns. DATE AND PLACE OF FILING: Recorded in the Office of the County Recorder of Olmsted County, Minnesota. ASSIGNMENTS OF MORTGAGE: And assigned to: Wells Fargo Bank, N.A. TRANSACTION AGENT: Mortgage Electronic Registration Systems, Inc. LEGAL DESCRIPTION OF PROPERTY: COUNTY IN WHICH PROPERTY IS LOCATED: Olmsted. THE AMOUNT CLAIMED TO BE DUE ON THE MORTGAGE ON THE DATE OF THE NOTICE. That prior to the commencement of this mortgage foreclosure proceeding Mortgagee/Assignee of Mortgagee complied with all notice requirements as required by statute; That no action or proceeding has been instituted at law or otherwise to recover the debt secured by said mortgage, or any part thereof; PURSUANT to the power of sale contained in said mortgage, the above described property will be sold by the Sheriff of said county as follows: DATE AND TIME OF SALE: 10:00 AM. PLACE OF SALE: Sheriff's Main Office, 101 4th Street SE, Rochester, Minnesota. to pay the debt secured by said mortgage and taxes, if any, on said premises and the costs and disbursements, including attorneys fees allowed by law, subject to redemption within six months from the date of said sale by the mortgagor(s), their personal representatives or assigns. TIME AND DATE TO VACATE PROPERTY: If the real estate is an owner-occupied, single-family dwelling, unless otherwise provided by law, the date on or before which the mortgagor(s) must vacate the property if the mortgage is not reinstated under section 580.30 or the property is not redeemed under section 580.23 is 11:59 p.m. THE MORTGAGOR RELEASED FROM FINANCIAL OBLIGATION ON THE MORTGAGE: None. THE TIME ALLOWED BY LAW FOR REDEMPTION BY THE MORTGAGOR, THE MORTGAGOR'S PERSONAL REPRESENTATIVES OR ASSIGNS, MAY BE REDUCED TO FIVE WEEKS IF A JUDICIAL ORDER IS ENTERED UNDER MINNESOTA STATUTES, SECTION 582.032, DETERMINING, AMONG OTHER THINGS, THAT THE MORTGAGED PREMISES ARE IMPROVED WITH A RESIDENTIAL DWELLING OF LESS THAN FIVE UNITS, ARE NOT PROPERTY USED FOR AGRICULTURAL PRODUCTION, AND ARE ABANDONED. Dated: SHAPIRO & ZIELKE, LLP Attorneys for Mortgagee.
PROPERTY USED IN AGRICULTURAL PRODUCTION AND ARE ABANDONED. Dated: August 21, 2012 U.S. Bank National Association, as trustee. Mortgagee/Assignee of Mortgagee. USSET, WEINGARDEN AND LIEBO, P.L.L.P. Attorneys for Mortgagee/Assignee of Mortgagee. 4500 Park Glen Road #300 Minneapolis, MN 55416 (952) 925-6888 THIS IS A COMMUNICATION FROM A DEBT COLLECTOR.
SUMMARY of School Board Meeting Minutes—Complete minutes on file in the Superintendent's Office, 615 7th St. SW, or at http://www.schools.rochester.k12.mn.us/board. The School Board of Independent School District #535 met in closed session on Tuesday, June 19, 2012, at 5:15 pm, in Room 137 of the Edison Building. School Board members present: Anne Becker, Dan O'Neil, James Pittenger, Terry Throndson, and Julie Workman. Board members absent: Breanna Bly and Gary Smith. Also present: Superintendent Michael Muñoz, Executive Director of Finance, James Kelly. Facilities Project Manager. Board Chair Julie Workman called the meeting to order at 5:24 p.m. The following resolutions were approved: 1. Minutes, February 21, 2012, Regular Meeting as printed. 2. Minutes, February 28, 2012, Board Meeting as printed.
SUMMARY of School Board Meeting Minutes—Complete minutes on file in the Superintendent's Office, 615 7th St. SW, or at http://www.schools.rochester.k12.mn.us/board. The School Board of Independent School District #535 met in closed session on Tuesday, June 19, 2012, at 5:15 pm, in Room 137 of the Edison Building. School Board members present: Anne Becker, Dan O'Neil, James Pittenger, Terry Throndson, and Julie Workman. Board members absent: Breanna Bly and Gary Smith. Also present: Superintendent Michael Muñoz, Executive Director of Finance, James Kelly. Facilities Project Manager. Board Chair Julie Workman called the meeting to order at 5:24 p.m. The following resolutions were approved: 1. Minutes, February 21, 2012, Regular Meeting as printed. 2. Minutes, February 28, 2012, Board Meeting as printed.
SUMMARY of School Board Meeting Minutes—Complete minutes on file in the Superintendent's Office, 615 7th St. SW, or at http://www.schools.rochester.k12.mn.us/board. The School Board of Independent School District #535 met in closed session on Tuesday, June 19, 2012, at 5:15 pm, in Room 137 of the Edison Building. School Board members present: Anne Becker, Dan O'Neil, James Pittenger, Terry Throndson, and Julie Workman. Board members absent: Breanna Bly and Gary Smith. Also present: Superintendent Michael Muñoz, Executive Director of Finance, James Kelly. Facilities Project Manager. Board Chair Julie Workman called the meeting to order at 5:24 p.m. The following resolutions were approved: 1. Minutes, February 21, 2012, Regular Meeting as printed. 2. Minutes, February 28, 2012, Board Meeting as printed.
